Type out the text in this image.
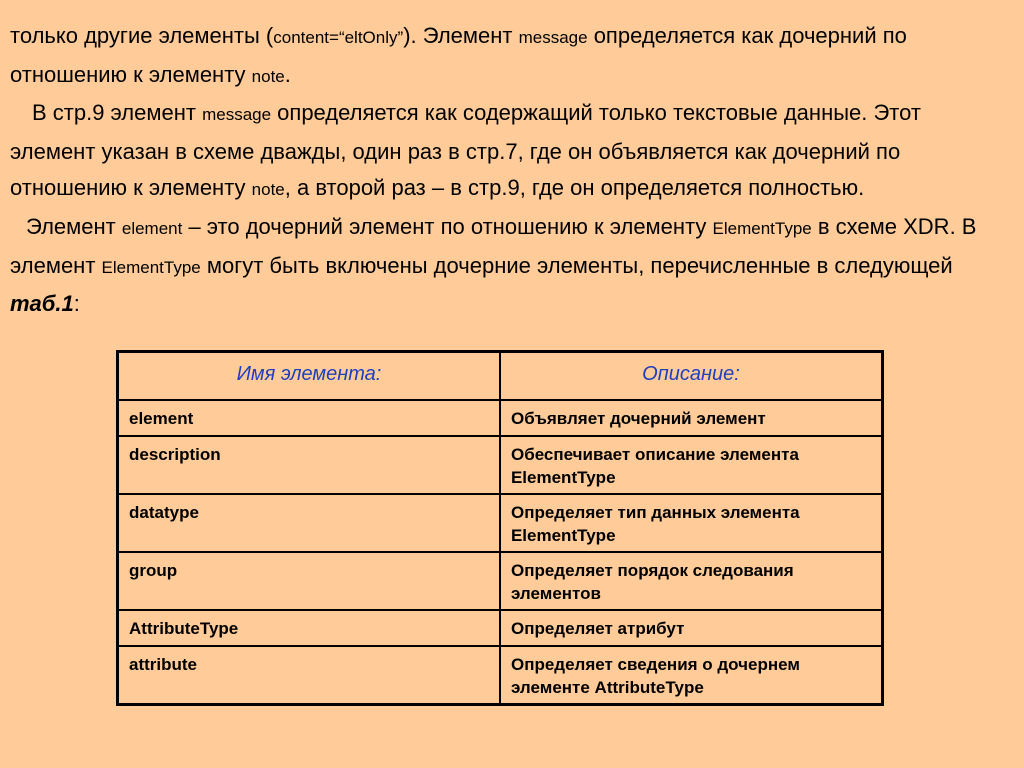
только другие элементы (content=“eltOnly”). Элемент message определяется как дочерний по отношению к элементу note.

В стр.9 элемент message определяется как содержащий только текстовые данные. Этот элемент указан в схеме дважды, один раз в стр.7, где он объявляется как дочерний по отношению к элементу note, а второй раз – в стр.9, где он определяется полностью.

Элемент element – это дочерний элемент по отношению к элементу ElementType в схеме XDR. В элемент ElementType могут быть включены дочерние элементы, перечисленные в следующей таб.1:

Имя элемента:	Описание:
element	Объявляет дочерний элемент
description	Обеспечивает описание элемента ElementType
datatype	Определяет тип данных элемента ElementType
group	Определяет порядок следования элементов
AttributeType	Определяет атрибут
attribute	Определяет сведения о дочернем элементе AttributeType
